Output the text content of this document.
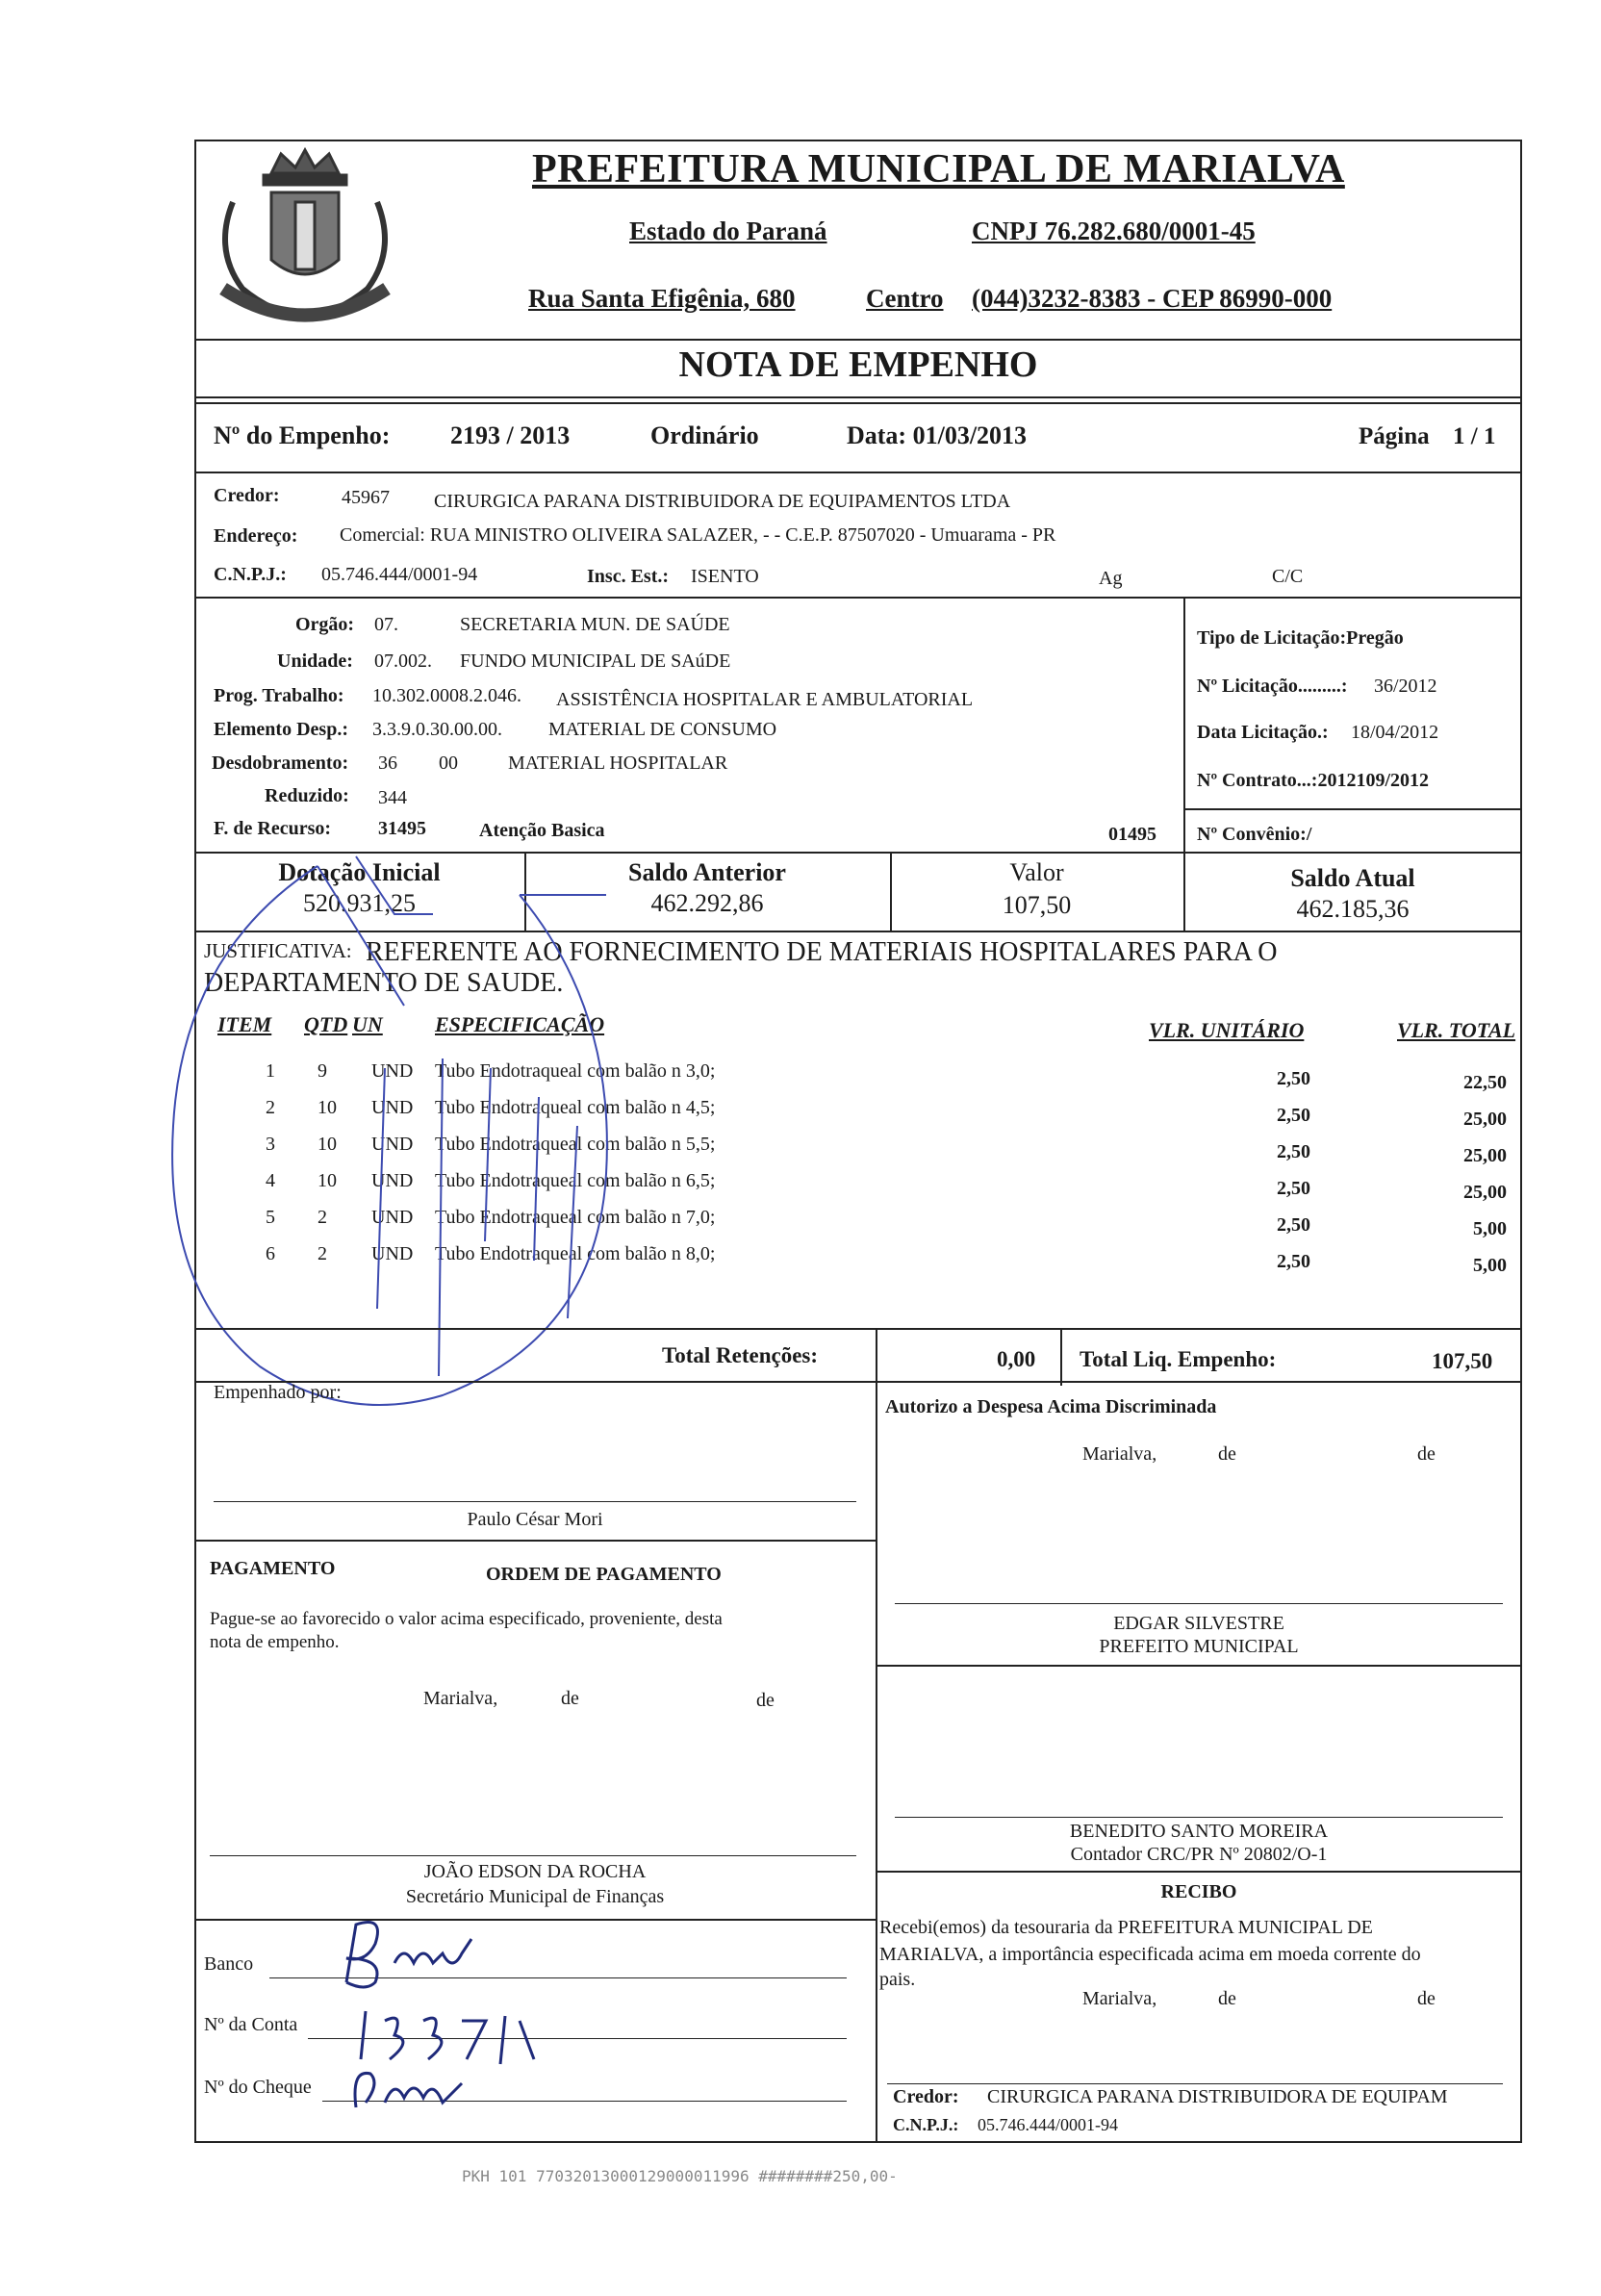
PREFEITURA MUNICIPAL DE MARIALVA
Estado do Paraná	CNPJ 76.282.680/0001-45
Rua Santa Efigênia, 680	Centro (044)3232-8383 - CEP 86990-000
NOTA DE EMPENHO
Nº do Empenho: 2193 / 2013	Ordinário	Data: 01/03/2013	Página 1 / 1
Credor:	45967 CIRURGICA PARANA DISTRIBUIDORA DE EQUIPAMENTOS LTDA
Endereço: Comercial: RUA MINISTRO OLIVEIRA SALAZER, - - C.E.P. 87507020 - Umuarama - PR
C.N.P.J.: 05.746.444/0001-94	Insc. Est.: ISENTO	Ag	C/C
Orgão: 07.	SECRETARIA MUN. DE SAÚDE
Unidade: 07.002. FUNDO MUNICIPAL DE SAúDE
Prog. Trabalho: 10.302.0008.2.046. ASSISTÊNCIA HOSPITALAR E AMBULATORIAL
Elemento Desp.: 3.3.9.0.30.00.00. MATERIAL DE CONSUMO
Desdobramento: 36 00	MATERIAL HOSPITALAR
Reduzido: 344
F. de Recurso: 31495	Atenção Basica	01495
Tipo de Licitação:Pregão
Nº Licitação.........: 36/2012
Data Licitação.: 18/04/2012
Nº Contrato...:2012109/2012
Nº Convênio:/
Dotação Inicial
520.931,25
Saldo Anterior
462.292,86
Valor
107,50
Saldo Atual
462.185,36
JUSTIFICATIVA: REFERENTE AO FORNECIMENTO DE MATERIAIS HOSPITALARES PARA O
DEPARTAMENTO DE SAUDE.
ITEM QTD UN ESPECIFICAÇÃO	VLR. UNITÁRIO	VLR. TOTAL
1 9 UND Tubo Endotraqueal com balão n 3,0;	2,50	22,50
2 10 UND Tubo Endotraqueal com balão n 4,5;	2,50	25,00
3 10 UND Tubo Endotraqueal com balão n 5,5;	2,50	25,00
4 10 UND Tubo Endotraqueal com balão n 6,5;	2,50	25,00
5 2 UND Tubo Endotraqueal com balão n 7,0;	2,50	5,00
6 2 UND Tubo Endotraqueal com balão n 8,0;	2,50	5,00
Total Retenções:	0,00 Total Liq. Empenho:	107,50
Empenhado por:
Autorizo a Despesa Acima Discriminada
Marialva,	de	de
Paulo César Mori
PAGAMENTO	ORDEM DE PAGAMENTO
Pague-se ao favorecido o valor acima especificado, proveniente, desta
nota de empenho.
Marialva,	de	de
EDGAR SILVESTRE
PREFEITO MUNICIPAL
BENEDITO SANTO MOREIRA
Contador CRC/PR Nº 20802/O-1
JOÃO EDSON DA ROCHA
Secretário Municipal de Finanças	RECIBO
Recebi(emos) da tesouraria da PREFEITURA MUNICIPAL DE
MARIALVA, a importância especificada acima em moeda corrente do
pais.
Marialva,	de	de
Banco
Nº da Conta
Nº do Cheque	Credor: CIRURGICA PARANA DISTRIBUIDORA DE EQUIPAM
C.N.P.J.: 05.746.444/0001-94
PKH 101 77032013000129000011996 ########250,00-
